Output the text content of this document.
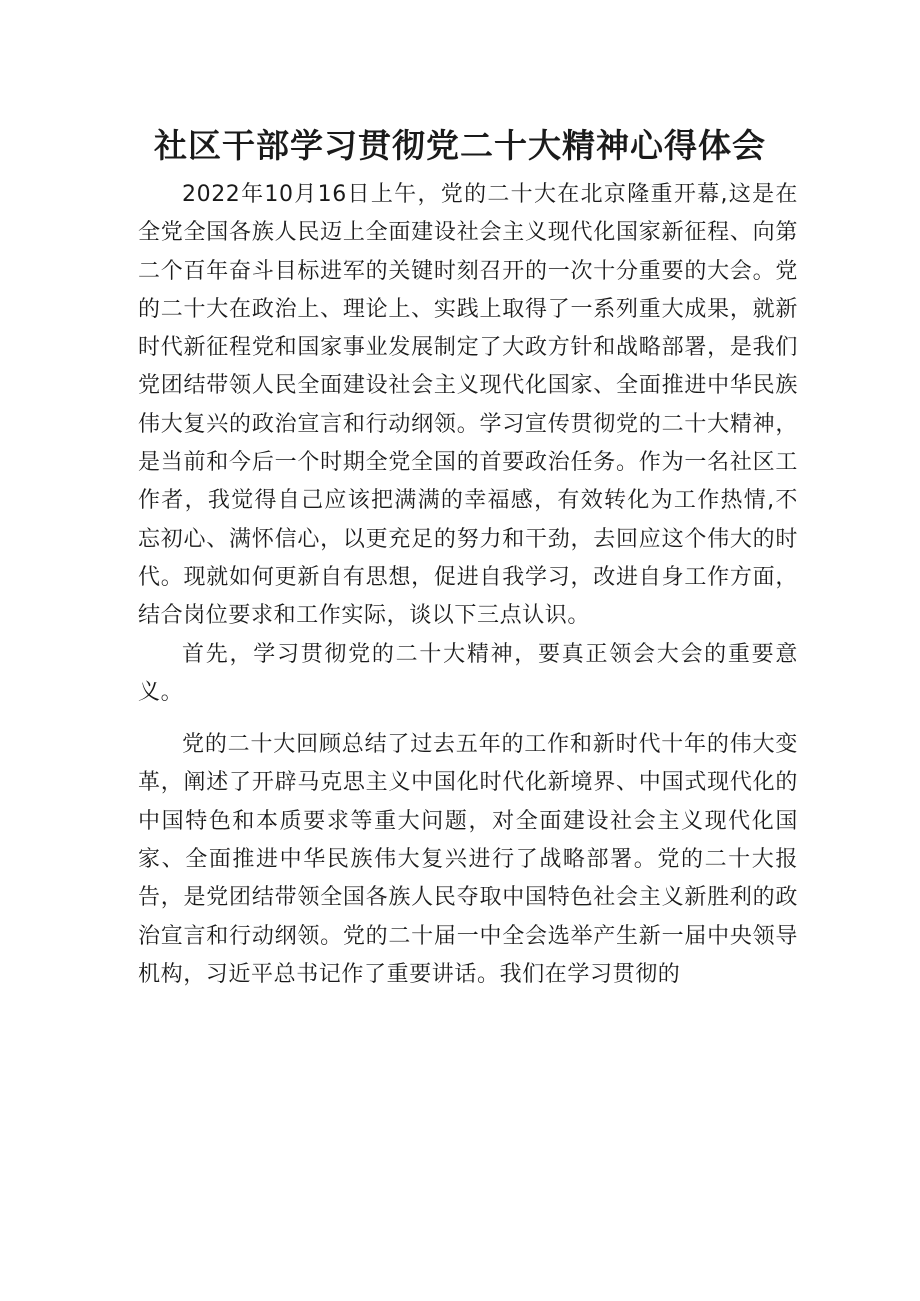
社区干部学习贯彻党二十大精神心得体会

2022年10月16日上午，党的二十大在北京隆重开幕,这是在全党全国各族人民迈上全面建设社会主义现代化国家新征程、向第二个百年奋斗目标进军的关键时刻召开的一次十分重要的大会。党的二十大在政治上、理论上、实践上取得了一系列重大成果，就新时代新征程党和国家事业发展制定了大政方针和战略部署，是我们党团结带领人民全面建设社会主义现代化国家、全面推进中华民族伟大复兴的政治宣言和行动纲领。学习宣传贯彻党的二十大精神，是当前和今后一个时期全党全国的首要政治任务。作为一名社区工作者，我觉得自己应该把满满的幸福感，有效转化为工作热情,不忘初心、满怀信心，以更充足的努力和干劲，去回应这个伟大的时代。现就如何更新自有思想，促进自我学习，改进自身工作方面，结合岗位要求和工作实际，谈以下三点认识。

首先，学习贯彻党的二十大精神，要真正领会大会的重要意义。

党的二十大回顾总结了过去五年的工作和新时代十年的伟大变革，阐述了开辟马克思主义中国化时代化新境界、中国式现代化的中国特色和本质要求等重大问题，对全面建设社会主义现代化国家、全面推进中华民族伟大复兴进行了战略部署。党的二十大报告，是党团结带领全国各族人民夺取中国特色社会主义新胜利的政治宣言和行动纲领。党的二十届一中全会选举产生新一届中央领导机构，习近平总书记作了重要讲话。我们在学习贯彻的
